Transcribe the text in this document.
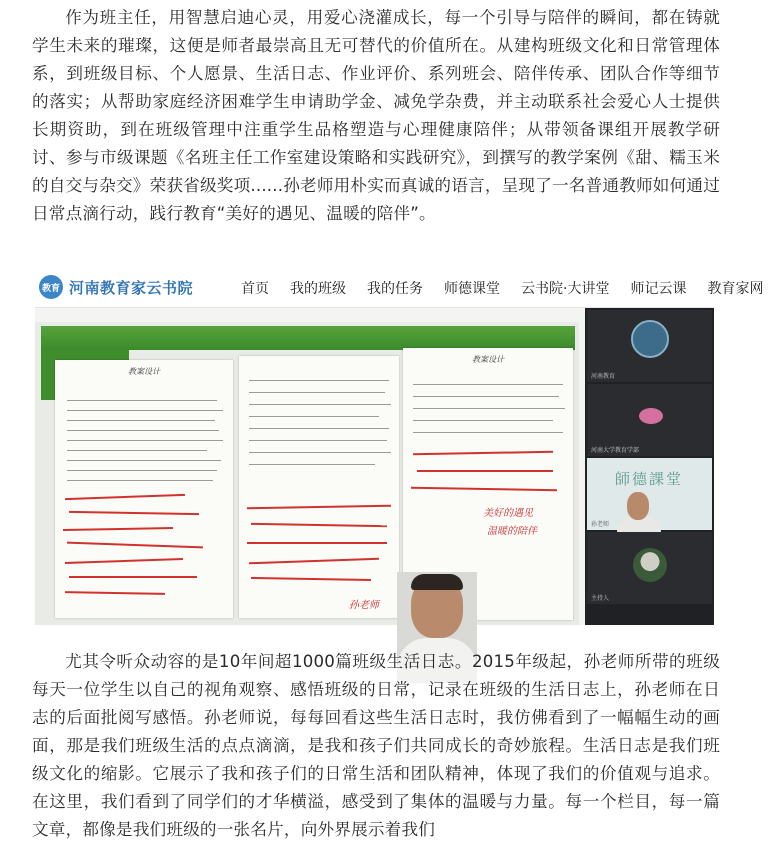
作为班主任，用智慧启迪心灵，用爱心浇灌成长，每一个引导与陪伴的瞬间，都在铸就学生未来的璀璨，这便是师者最崇高且无可替代的价值所在。从建构班级文化和日常管理体系，到班级目标、个人愿景、生活日志、作业评价、系列班会、陪伴传承、团队合作等细节的落实；从帮助家庭经济困难学生申请助学金、减免学杂费，并主动联系社会爱心人士提供长期资助，到在班级管理中注重学生品格塑造与心理健康陪伴；从带领备课组开展教学研讨、参与市级课题《名班主任工作室建设策略和实践研究》，到撰写的教学案例《甜、糯玉米的自交与杂交》荣获省级奖项......孙老师用朴实而真诚的语言，呈现了一名普通教师如何通过日常点滴行动，践行教育“美好的遇见、温暖的陪伴”。

教育 河南教育家云书院	首页 我的班级 我的任务 师德课堂 云书院·大讲堂 师记云课 教育家网
教案设计
孙老师
教案设计
美好的遇见
温暖的陪伴
河南教育
河南大学教育学部
師德課堂
孙老师
主持人

尤其令听众动容的是10年间超1000篇班级生活日志。2015年级起，孙老师所带的班级每天一位学生以自己的视角观察、感悟班级的日常，记录在班级的生活日志上，孙老师在日志的后面批阅写感悟。孙老师说，每每回看这些生活日志时，我仿佛看到了一幅幅生动的画面，那是我们班级生活的点点滴滴，是我和孩子们共同成长的奇妙旅程。生活日志是我们班级文化的缩影。它展示了我和孩子们的日常生活和团队精神，体现了我们的价值观与追求。在这里，我们看到了同学们的才华横溢，感受到了集体的温暖与力量。每一个栏目，每一篇文章，都像是我们班级的一张名片，向外界展示着我们
